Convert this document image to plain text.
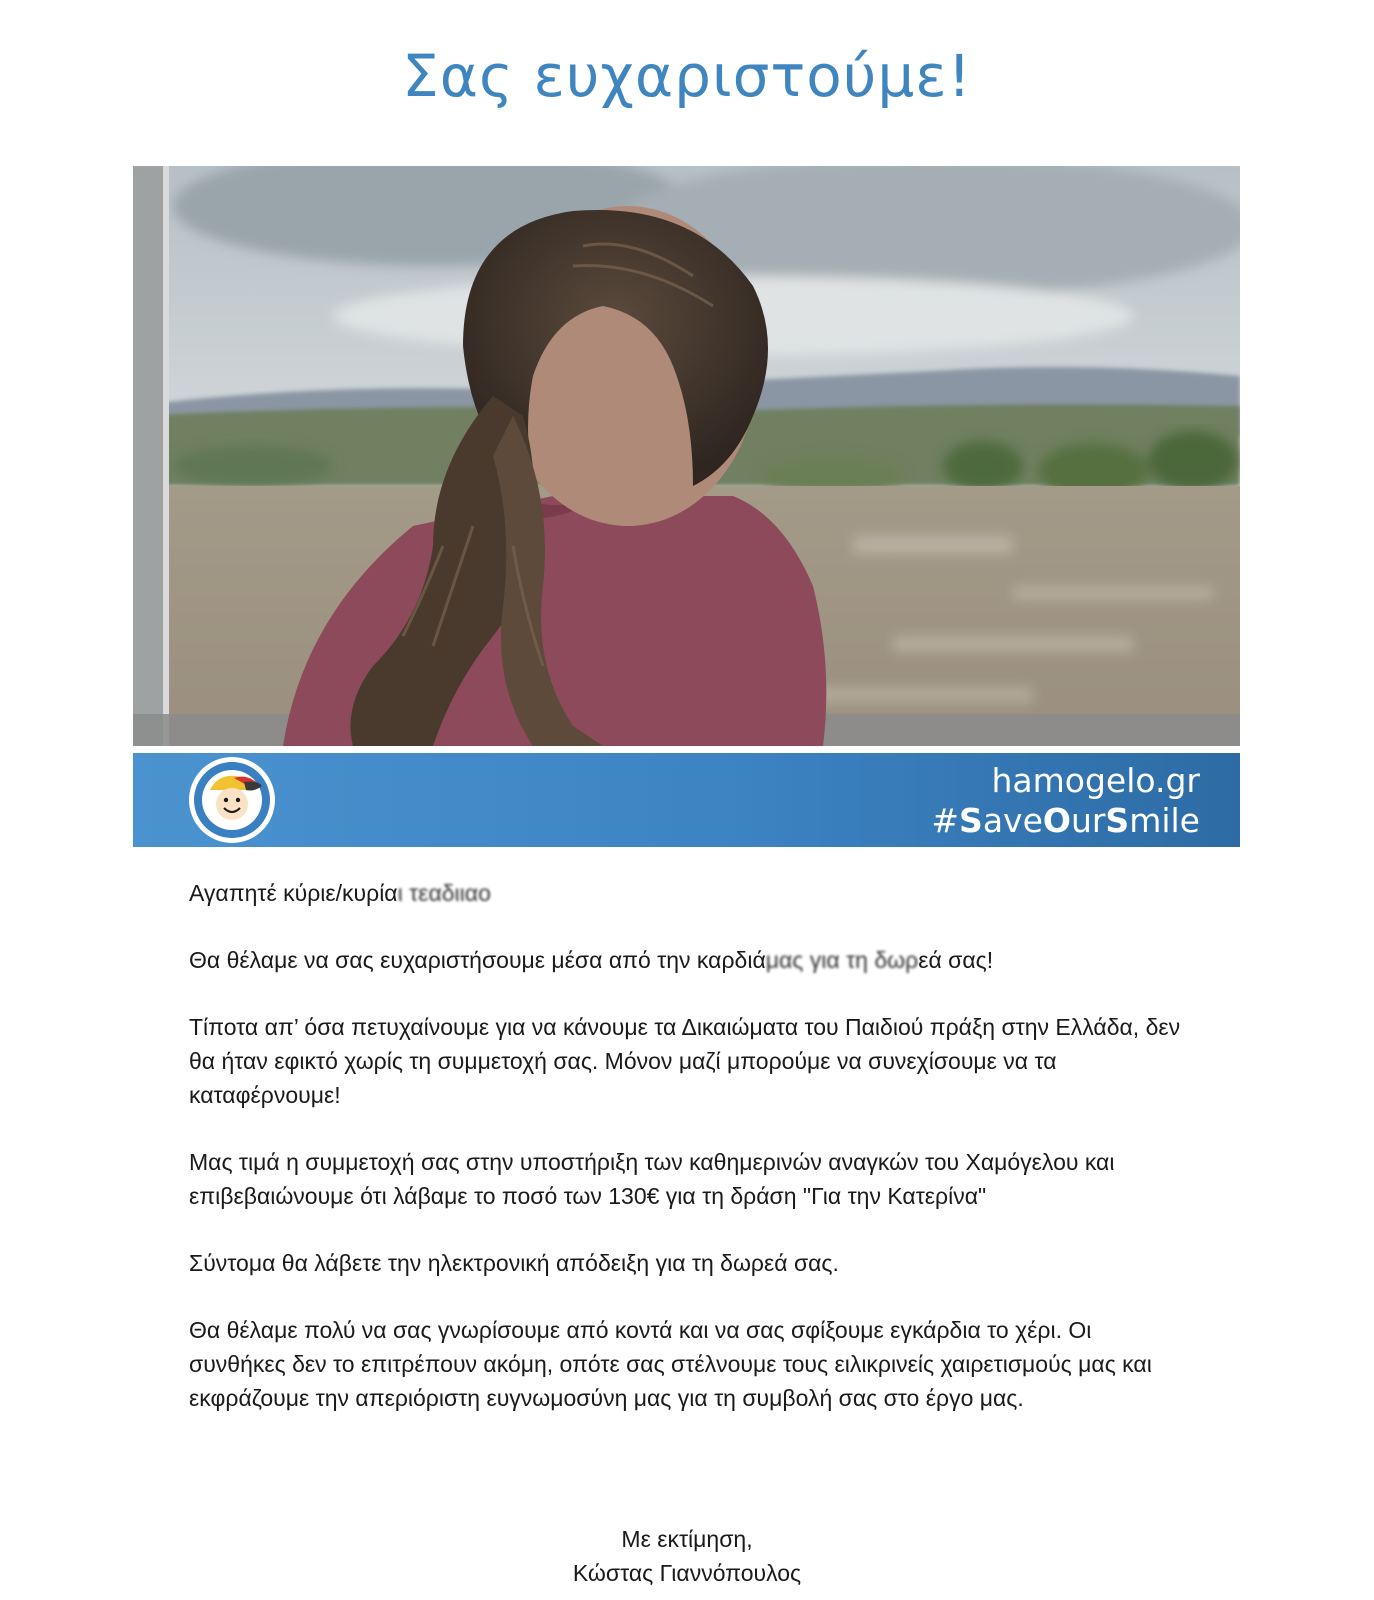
Σας ευχαριστούμε!
hamogelo.gr
#SaveOurSmile

Αγαπητέ κύριε/κυρίαι τεαδιιαο

Θα θέλαμε να σας ευχαριστήσουμε μέσα από την καρδιάμας για τη δωρεά σας!

Τίποτα απ’ όσα πετυχαίνουμε για να κάνουμε τα Δικαιώματα του Παιδιού πράξη στην Ελλάδα, δεν θα ήταν εφικτό χωρίς τη συμμετοχή σας. Μόνον μαζί μπορούμε να συνεχίσουμε να τα καταφέρνουμε!

Μας τιμά η συμμετοχή σας στην υποστήριξη των καθημερινών αναγκών του Χαμόγελου και επιβεβαιώνουμε ότι λάβαμε το ποσό των 130€ για τη δράση "Για την Κατερίνα"

Σύντομα θα λάβετε την ηλεκτρονική απόδειξη για τη δωρεά σας.

Θα θέλαμε πολύ να σας γνωρίσουμε από κοντά και να σας σφίξουμε εγκάρδια το χέρι. Οι συνθήκες δεν το επιτρέπουν ακόμη, οπότε σας στέλνουμε τους ειλικρινείς χαιρετισμούς μας και εκφράζουμε την απεριόριστη ευγνωμοσύνη μας για τη συμβολή σας στο έργο μας.

Με εκτίμηση,
Κώστας Γιαννόπουλος
